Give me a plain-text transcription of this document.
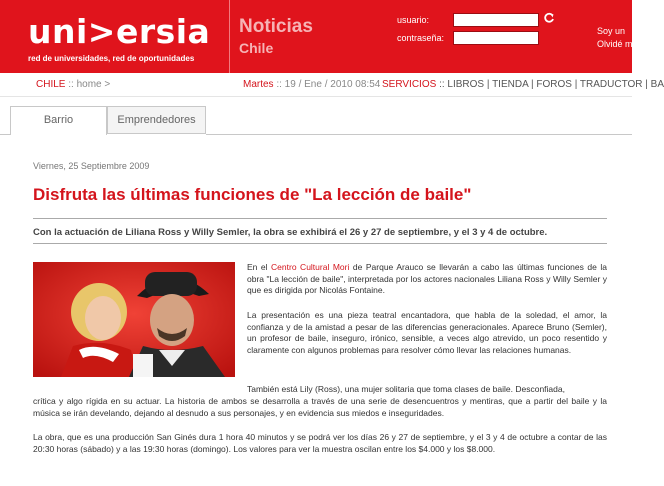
uni>ersia
red de universidades, red de oportunidades
Noticias
Chile
usuario:
contraseña:
Soy un
Olvidé m
CHILE :: home >	Martes :: 19 / Ene / 2010 08:54 SERVICIOS :: LIBROS | TIENDA | FOROS | TRADUCTOR | BA
Barrio	Emprendedores
Viernes, 25 Septiembre 2009
Disfruta las últimas funciones de "La lección de baile"
Con la actuación de Liliana Ross y Willy Semler, la obra se exhibirá el 26 y 27 de septiembre, y el 3 y 4 de octubre.

En el Centro Cultural Mori de Parque Arauco se llevarán a cabo las últimas funciones de la obra "La lección de baile", interpretada por los actores nacionales Liliana Ross y Willy Semler y que es dirigida por Nicolás Fontaine.

La presentación es una pieza teatral encantadora, que habla de la soledad, el amor, la confianza y de la amistad a pesar de las diferencias generacionales. Aparece Bruno (Semler), un profesor de baile, inseguro, irónico, sensible, a veces algo atrevido, un poco resentido y claramente con algunos problemas para resolver cómo llevar las relaciones humanas.

También está Lily (Ross), una mujer solitaria que toma clases de baile. Desconfiada,

crítica y algo rígida en su actuar. La historia de ambos se desarrolla a través de una serie de desencuentros y mentiras, que a partir del baile y la música se irán develando, dejando al desnudo a sus personajes, y en evidencia sus miedos e inseguridades.

La obra, que es una producción San Ginés dura 1 hora 40 minutos y se podrá ver los días 26 y 27 de septiembre, y el 3 y 4 de octubre a contar de las 20:30 horas (sábado) y a las 19:30 horas (domingo). Los valores para ver la muestra oscilan entre los $4.000 y los $8.000.
